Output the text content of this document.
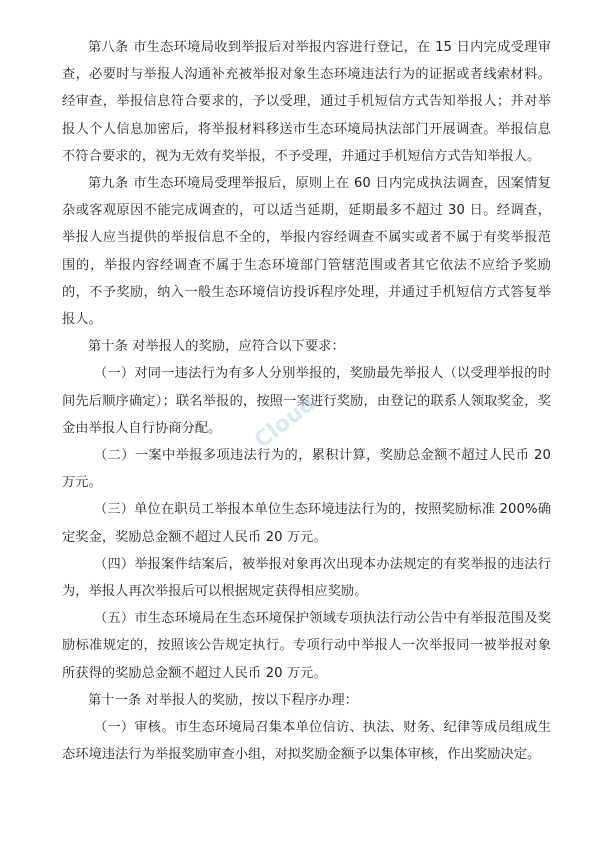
第八条 市生态环境局收到举报后对举报内容进行登记，在 15 日内完成受理审查，必要时与举报人沟通补充被举报对象生态环境违法行为的证据或者线索材料。经审查，举报信息符合要求的，予以受理，通过手机短信方式告知举报人；并对举报人个人信息加密后，将举报材料移送市生态环境局执法部门开展调查。举报信息不符合要求的，视为无效有奖举报，不予受理，并通过手机短信方式告知举报人。

第九条 市生态环境局受理举报后，原则上在 60 日内完成执法调查，因案情复杂或客观原因不能完成调查的，可以适当延期，延期最多不超过 30 日。经调查，举报人应当提供的举报信息不全的，举报内容经调查不属实或者不属于有奖举报范围的，举报内容经调查不属于生态环境部门管辖范围或者其它依法不应给予奖励的，不予奖励，纳入一般生态环境信访投诉程序处理，并通过手机短信方式答复举报人。

第十条 对举报人的奖励，应符合以下要求：

（一）对同一违法行为有多人分别举报的，奖励最先举报人（以受理举报的时间先后顺序确定）；联名举报的，按照一案进行奖励，由登记的联系人领取奖金，奖金由举报人自行协商分配。

（二）一案中举报多项违法行为的，累积计算，奖励总金额不超过人民币 20 万元。

（三）单位在职员工举报本单位生态环境违法行为的，按照奖励标准 200%确定奖金，奖励总金额不超过人民币 20 万元。

（四）举报案件结案后，被举报对象再次出现本办法规定的有奖举报的违法行为，举报人再次举报后可以根据规定获得相应奖励。

（五）市生态环境局在生态环境保护领域专项执法行动公告中有举报范围及奖励标准规定的，按照该公告规定执行。专项行动中举报人一次举报同一被举报对象所获得的奖励总金额不超过人民币 20 万元。

第十一条 对举报人的奖励，按以下程序办理：

（一）审核。市生态环境局召集本单位信访、执法、财务、纪律等成员组成生态环境违法行为举报奖励审查小组，对拟奖励金额予以集体审核，作出奖励决定。

Cloud
